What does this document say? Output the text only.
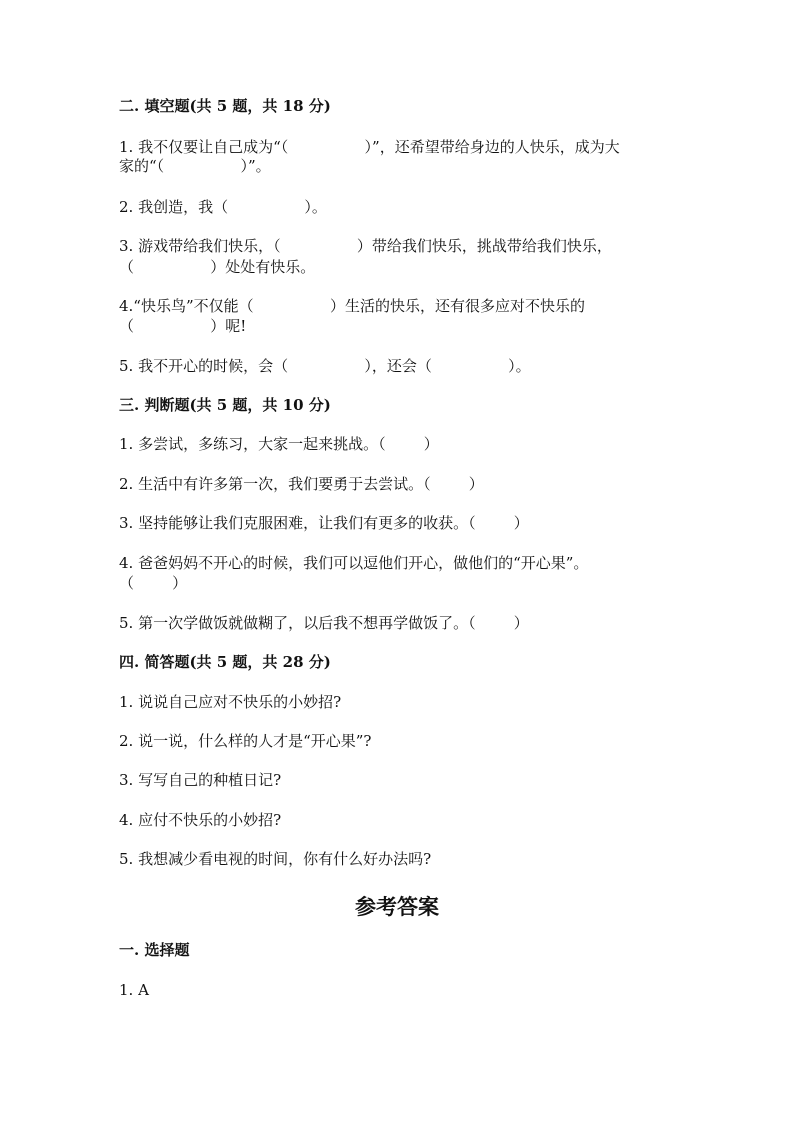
二. 填空题(共 5 题，共 18 分)
1. 我不仅要让自己成为“（                ）”，还希望带给身边的人快乐，成为大
家的“（                ）”。
2. 我创造，我（                ）。
3. 游戏带给我们快乐，（                ）带给我们快乐，挑战带给我们快乐，
（                ）处处有快乐。
4.“快乐鸟”不仅能（                ）生活的快乐，还有很多应对不快乐的
（                ）呢!
5. 我不开心的时候，会（                ），还会（                ）。
三. 判断题(共 5 题，共 10 分)
1. 多尝试，多练习，大家一起来挑战。（        ）
2. 生活中有许多第一次，我们要勇于去尝试。（        ）
3. 坚持能够让我们克服困难，让我们有更多的收获。（        ）
4. 爸爸妈妈不开心的时候，我们可以逗他们开心，做他们的“开心果”。
（        ）
5. 第一次学做饭就做糊了，以后我不想再学做饭了。（        ）
四. 简答题(共 5 题，共 28 分)
1. 说说自己应对不快乐的小妙招?
2. 说一说，什么样的人才是“开心果”?
3. 写写自己的种植日记?
4. 应付不快乐的小妙招?
5. 我想减少看电视的时间，你有什么好办法吗?
参考答案
一. 选择题
1. A
